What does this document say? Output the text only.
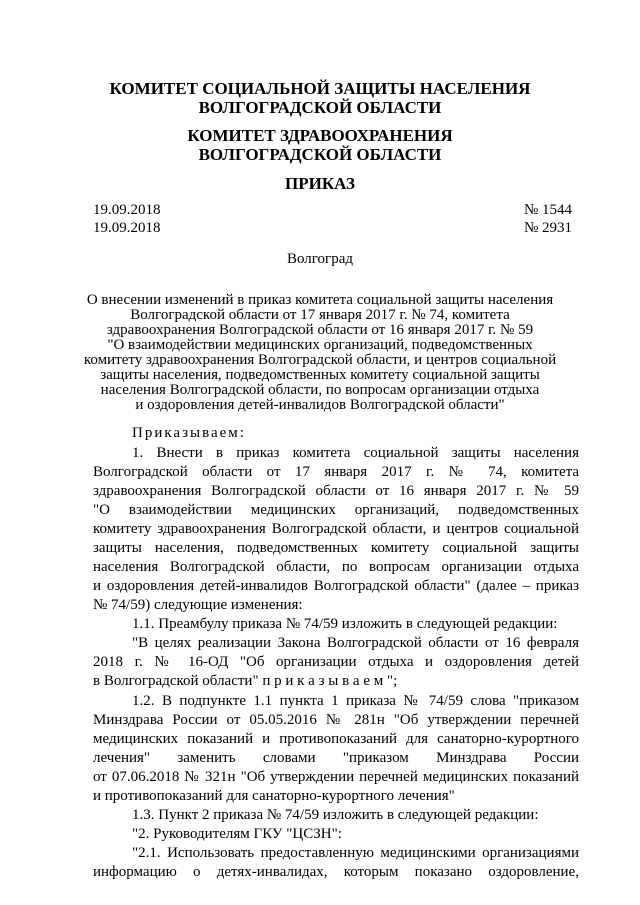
КОМИТЕТ СОЦИАЛЬНОЙ ЗАЩИТЫ НАСЕЛЕНИЯ
ВОЛГОГРАДСКОЙ ОБЛАСТИ
КОМИТЕТ ЗДРАВООХРАНЕНИЯ
ВОЛГОГРАДСКОЙ ОБЛАСТИ
ПРИКАЗ
19.09.2018
19.09.2018
№ 1544
№ 2931
Волгоград
О внесении изменений в приказ комитета социальной защиты населения
Волгоградской области от 17 января 2017 г. № 74, комитета
здравоохранения Волгоградской области от 16 января 2017 г. № 59
"О взаимодействии медицинских организаций, подведомственных
комитету здравоохранения Волгоградской области, и центров социальной
защиты населения, подведомственных комитету социальной защиты
населения Волгоградской области, по вопросам организации отдыха
и оздоровления детей-инвалидов Волгоградской области"
Приказываем:
1. Внести в приказ комитета социальной защиты населения
Волгоградской области от 17 января 2017 г. № 74, комитета
здравоохранения Волгоградской области от 16 января 2017 г. № 59
"О взаимодействии медицинских организаций, подведомственных
комитету здравоохранения Волгоградской области, и центров социальной
защиты населения, подведомственных комитету социальной защиты
населения Волгоградской области, по вопросам организации отдыха
и оздоровления детей-инвалидов Волгоградской области" (далее – приказ
№ 74/59) следующие изменения:
1.1. Преамбулу приказа № 74/59 изложить в следующей редакции:
"В целях реализации Закона Волгоградской области от 16 февраля
2018 г. № 16-ОД "Об организации отдыха и оздоровления детей
в Волгоградской области" п р и к а з ы в а е м ";
1.2. В подпункте 1.1 пункта 1 приказа № 74/59 слова "приказом
Минздрава России от 05.05.2016 № 281н "Об утверждении перечней
медицинских показаний и противопоказаний для санаторно-курортного
лечения" заменить словами "приказом Минздрава России
от 07.06.2018 № 321н "Об утверждении перечней медицинских показаний
и противопоказаний для санаторно-курортного лечения"
1.3. Пункт 2 приказа № 74/59 изложить в следующей редакции:
"2. Руководителям ГКУ "ЦСЗН":
"2.1. Использовать предоставленную медицинскими организациями
информацию о детях-инвалидах, которым показано оздоровление,
